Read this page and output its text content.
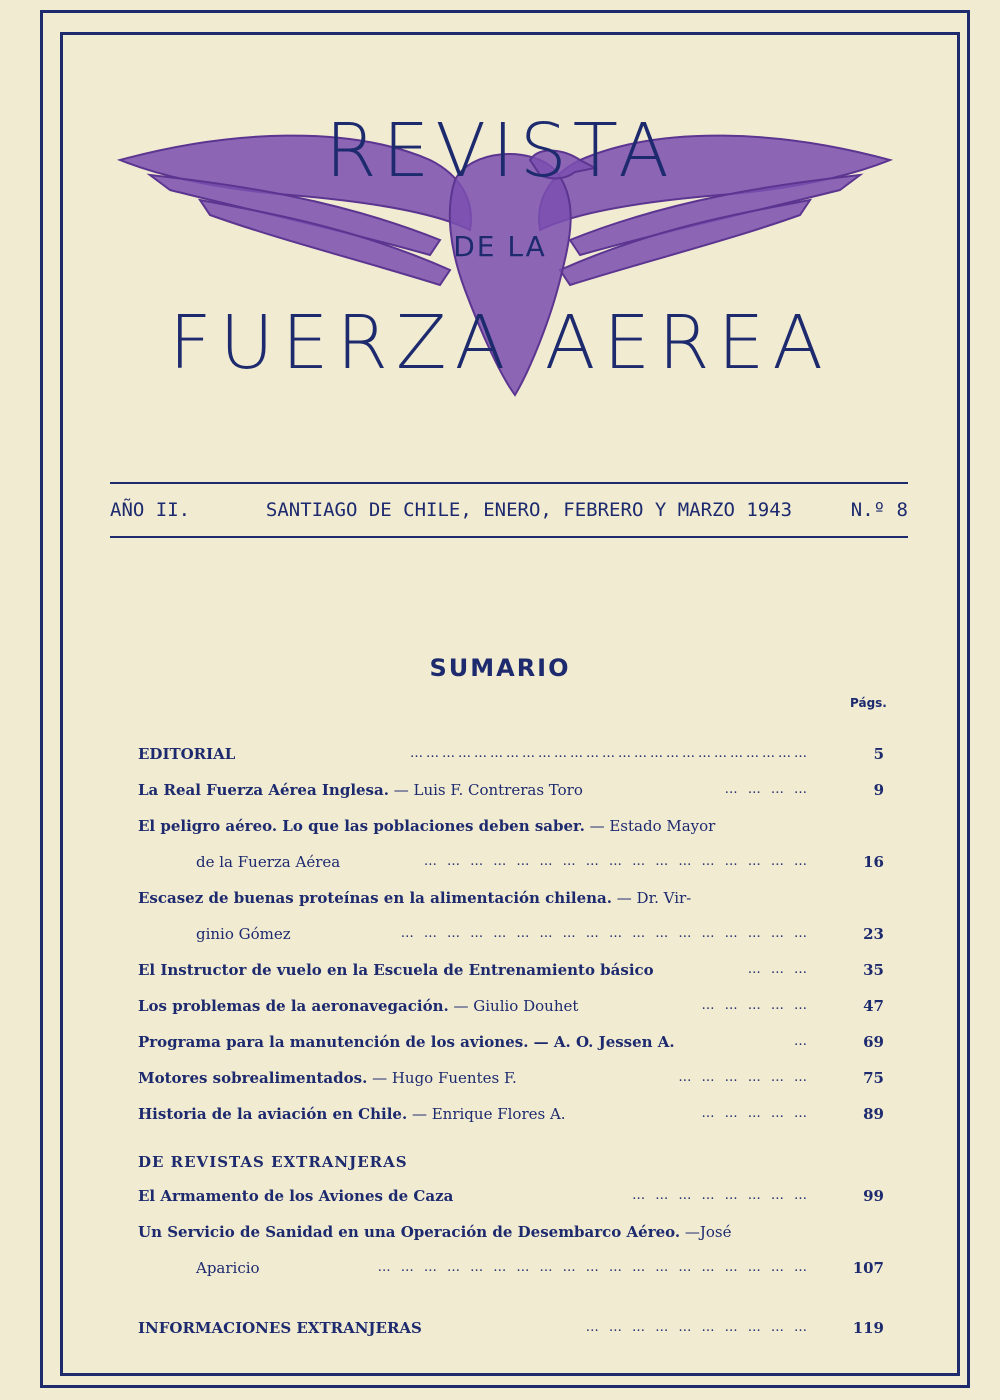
REVISTA
DE LA
FUERZA AEREA
AÑO II.	SANTIAGO DE CHILE, ENERO, FEBRERO Y MARZO 1943	N.º 8
SUMARIO
Págs.
EDITORIAL	…………………………………………………………………	5
La Real Fuerza Aérea Inglesa. — Luis F. Contreras Toro	… … … …	9
El peligro aéreo. Lo que las poblaciones deben saber. — Estado Mayor
de la Fuerza Aérea	… … … … … … … … … … … … … … … … …	16
Escasez de buenas proteínas en la alimentación chilena. — Dr. Vir-
ginio Gómez	… … … … … … … … … … … … … … … … … …	23
El Instructor de vuelo en la Escuela de Entrenamiento básico	… … …	35
Los problemas de la aeronavegación. — Giulio Douhet	… … … … …	47
Programa para la manutención de los aviones. — A. O. Jessen A.	…	69
Motores sobrealimentados. — Hugo Fuentes F.	… … … … … …	75
Historia de la aviación en Chile. — Enrique Flores A.	… … … … …	89
DE REVISTAS EXTRANJERAS
El Armamento de los Aviones de Caza	… … … … … … … …	99
Un Servicio de Sanidad en una Operación de Desembarco Aéreo. —José
Aparicio	… … … … … … … … … … … … … … … … … … …	107
INFORMACIONES EXTRANJERAS	… … … … … … … … … …	119
